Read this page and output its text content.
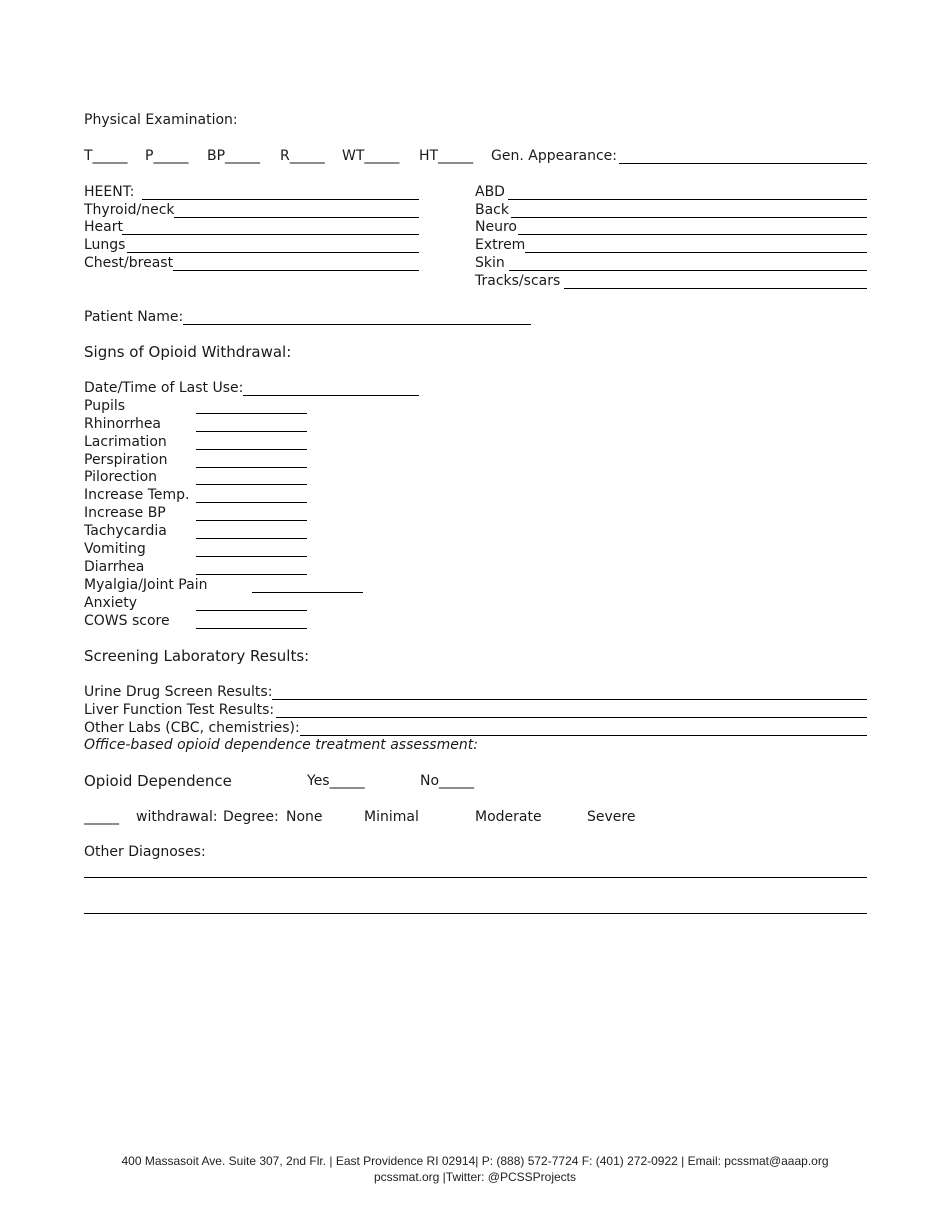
Physical Examination:
T_____ P_____ BP_____ R_____ WT_____ HT_____ Gen. Appearance:
HEENT:
Thyroid/neck
Heart
Lungs
Chest/breast
ABD
Back
Neuro
Extrem
Skin
Tracks/scars
Patient Name:
Signs of Opioid Withdrawal:
Date/Time of Last Use:
Pupils
Rhinorrhea
Lacrimation
Perspiration
Pilorection
Increase Temp.
Increase BP
Tachycardia
Vomiting
Diarrhea
Myalgia/Joint Pain
Anxiety
COWS score
Screening Laboratory Results:
Urine Drug Screen Results:
Liver Function Test Results:
Other Labs (CBC, chemistries):
Office-based opioid dependence treatment assessment:
Opioid Dependence	Yes_____	No_____
_____ withdrawal: Degree: None	Minimal	Moderate	Severe
Other Diagnoses:
400 Massasoit Ave. Suite 307, 2nd Flr. | East Providence RI 02914| P: (888) 572-7724 F: (401) 272-0922 | Email: pcssmat@aaap.org
pcssmat.org |Twitter: @PCSSProjects
